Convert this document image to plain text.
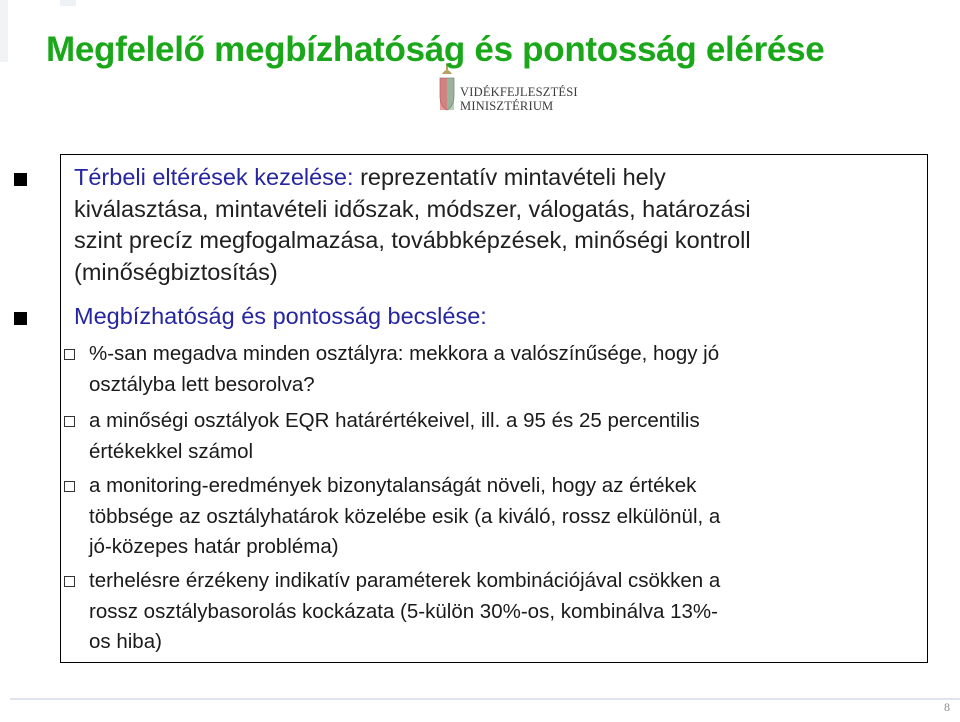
VIDÉKFEJLESZTÉSI
MINISZTÉRIUM
Megfelelő megbízhatóság és pontosság elérése

Térbeli eltérések kezelése: reprezentatív mintavételi hely
kiválasztása, mintavételi időszak, módszer, válogatás, határozási
szint precíz megfogalmazása, továbbképzések, minőségi kontroll
(minőségbiztosítás)

Megbízhatóság és pontosság becslése:

%-san megadva minden osztályra: mekkora a valószínűsége, hogy jó
osztályba lett besorolva?

a minőségi osztályok EQR határértékeivel, ill. a 95 és 25 percentilis
értékekkel számol

a monitoring-eredmények bizonytalanságát növeli, hogy az értékek
többsége az osztályhatárok közelébe esik (a kiváló, rossz elkülönül, a
jó-közepes határ probléma)

terhelésre érzékeny indikatív paraméterek kombinációjával csökken a
rossz osztálybasorolás kockázata (5-külön 30%-os, kombinálva 13%-
os hiba)

8
